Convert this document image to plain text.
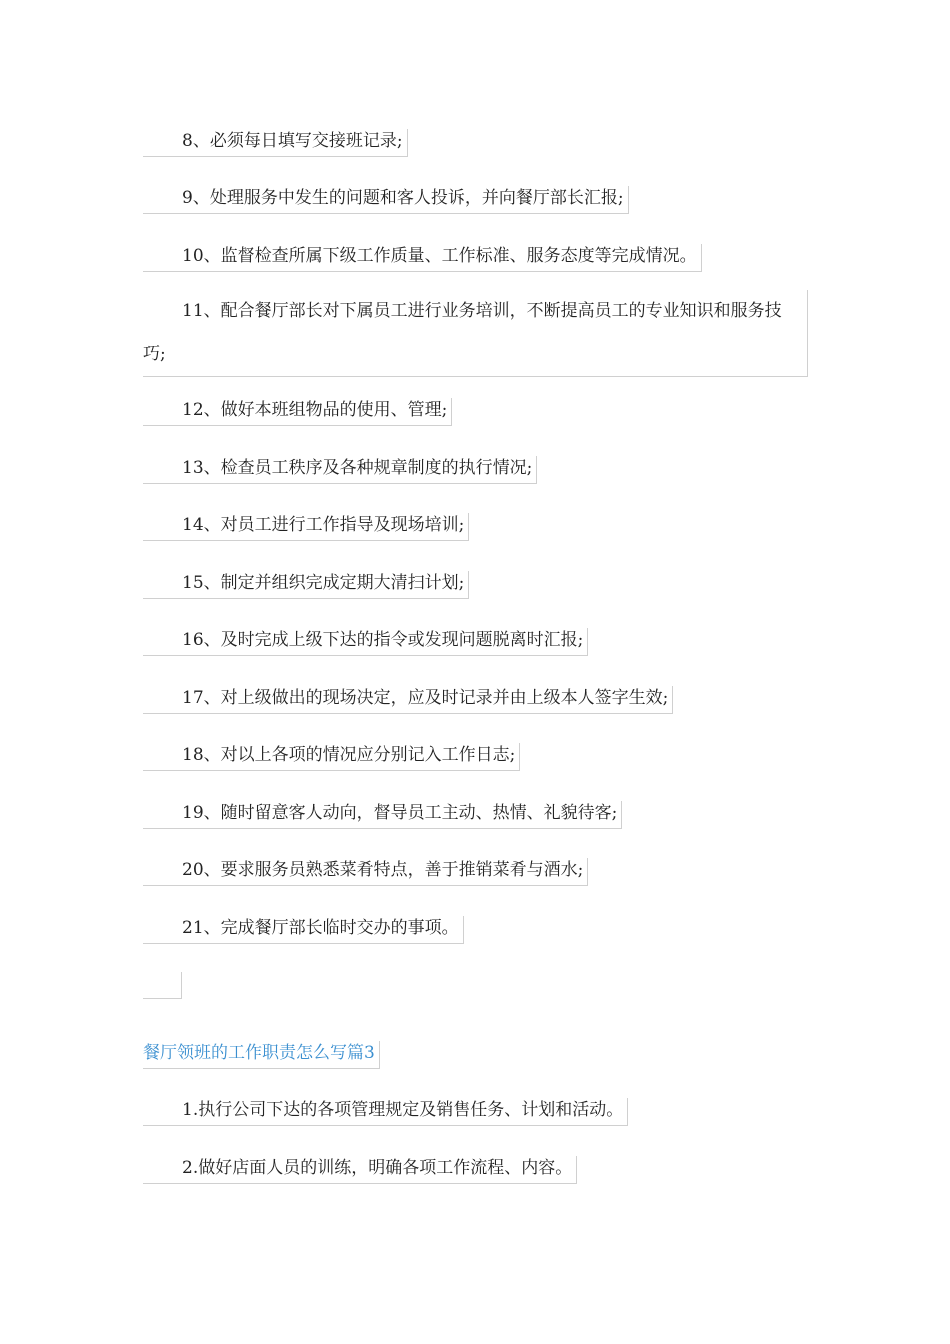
8、必须每日填写交接班记录;

9、处理服务中发生的问题和客人投诉，并向餐厅部长汇报;

10、监督检查所属下级工作质量、工作标准、服务态度等完成情况。

11、配合餐厅部长对下属员工进行业务培训，不断提高员工的专业知识和服务技巧;

12、做好本班组物品的使用、管理;

13、检查员工秩序及各种规章制度的执行情况;

14、对员工进行工作指导及现场培训;

15、制定并组织完成定期大清扫计划;

16、及时完成上级下达的指令或发现问题脱离时汇报;

17、对上级做出的现场决定，应及时记录并由上级本人签字生效;

18、对以上各项的情况应分别记入工作日志;

19、随时留意客人动向，督导员工主动、热情、礼貌待客;

20、要求服务员熟悉菜肴特点，善于推销菜肴与酒水;

21、完成餐厅部长临时交办的事项。

餐厅领班的工作职责怎么写篇3

1.执行公司下达的各项管理规定及销售任务、计划和活动。

2.做好店面人员的训练，明确各项工作流程、内容。
